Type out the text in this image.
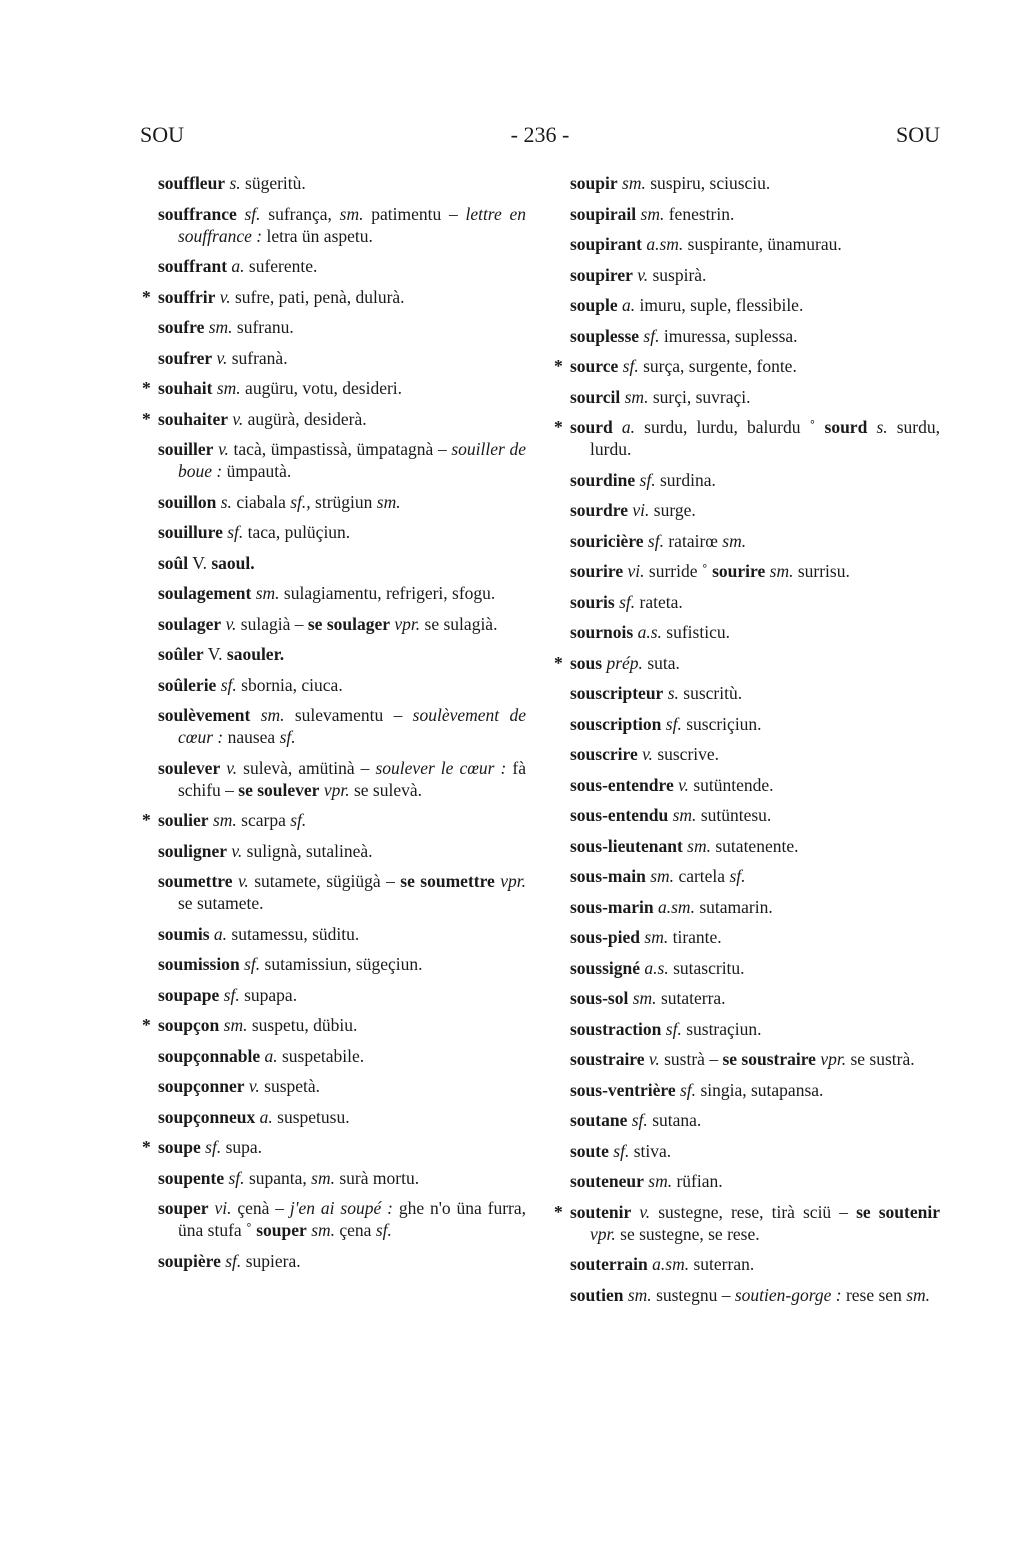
SOU	- 236 -	SOU
souffleur s. sügeritù.
souffrance sf. sufrança, sm. patimentu – lettre en souffrance : letra ün aspetu.
souffrant a. suferente.
* souffrir v. sufre, pati, penà, dulurà.
soufre sm. sufranu.
soufrer v. sufranà.
* souhait sm. augüru, votu, desideri.
* souhaiter v. augürà, desiderà.
souiller v. tacà, ümpastissà, ümpatagnà – souiller de boue : ümpautà.
souillon s. ciabala sf., strügiun sm.
souillure sf. taca, pulüçiun.
soûl V. saoul.
soulagement sm. sulagiamentu, refrigeri, sfogu.
soulager v. sulagià – se soulager vpr. se sulagià.
soûler V. saouler.
soûlerie sf. sbornia, ciuca.
soulèvement sm. sulevamentu – soulèvement de cœur : nausea sf.
soulever v. sulevà, amütinà – soulever le cœur : fà schifu – se soulever vpr. se sulevà.
* soulier sm. scarpa sf.
souligner v. sulignà, sutalineà.
soumettre v. sutamete, sügiügà – se soumettre vpr. se sutamete.
soumis a. sutamessu, süditu.
soumission sf. sutamissiun, sügeçiun.
soupape sf. supapa.
* soupçon sm. suspetu, dübiu.
soupçonnable a. suspetabile.
soupçonner v. suspetà.
soupçonneux a. suspetusu.
* soupe sf. supa.
soupente sf. supanta, sm. surà mortu.
souper vi. çenà – j'en ai soupé : ghe n'o üna furra, üna stufa ˚ souper sm. çena sf.
soupière sf. supiera.
soupir sm. suspiru, sciusciu.
soupirail sm. fenestrin.
soupirant a.sm. suspirante, ünamurau.
soupirer v. suspirà.
souple a. imuru, suple, flessibile.
souplesse sf. imuressa, suplessa.
* source sf. surça, surgente, fonte.
sourcil sm. surçi, suvraçi.
* sourd a. surdu, lurdu, balurdu ˚ sourd s. surdu, lurdu.
sourdine sf. surdina.
sourdre vi. surge.
souricière sf. ratairœ sm.
sourire vi. surride ˚ sourire sm. surrisu.
souris sf. rateta.
sournois a.s. sufisticu.
* sous prép. suta.
souscripteur s. suscritù.
souscription sf. suscriçiun.
souscrire v. suscrive.
sous-entendre v. sutüntende.
sous-entendu sm. sutüntesu.
sous-lieutenant sm. sutatenente.
sous-main sm. cartela sf.
sous-marin a.sm. sutamarin.
sous-pied sm. tirante.
soussigné a.s. sutascritu.
sous-sol sm. sutaterra.
soustraction sf. sustraçiun.
soustraire v. sustrà – se soustraire vpr. se sustrà.
sous-ventrière sf. singia, sutapansa.
soutane sf. sutana.
soute sf. stiva.
souteneur sm. rüfian.
* soutenir v. sustegne, rese, tirà sciü – se soutenir vpr. se sustegne, se rese.
souterrain a.sm. suterran.
soutien sm. sustegnu – soutien-gorge : rese sen sm.
